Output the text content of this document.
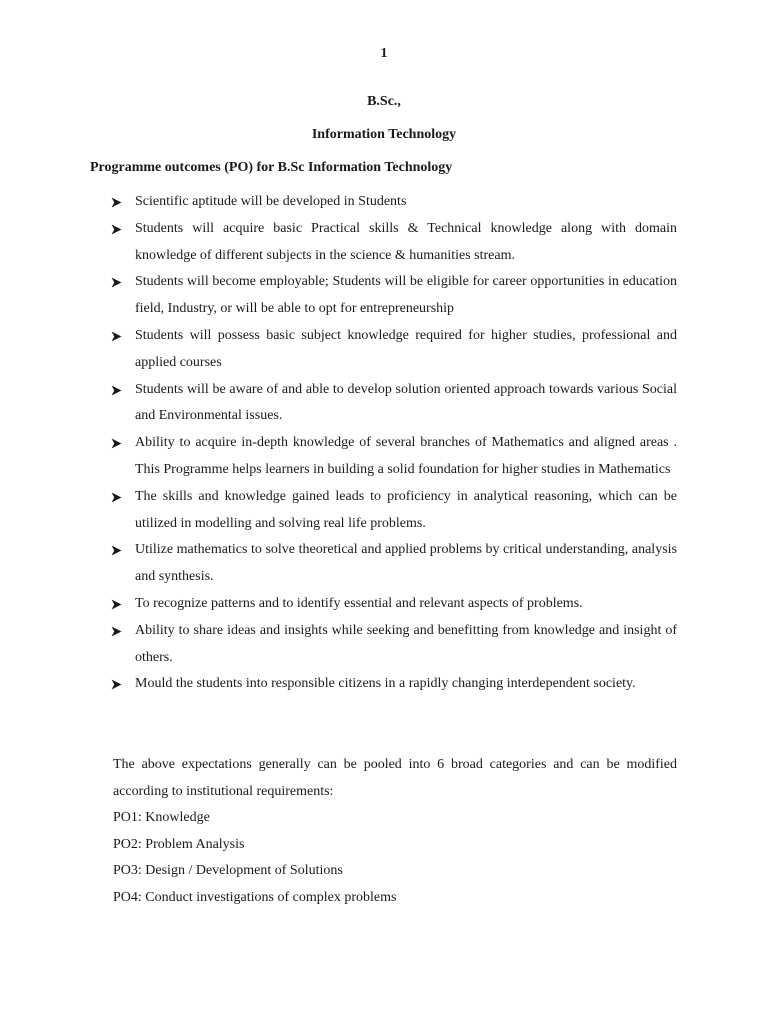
1
B.Sc.,
Information Technology
Programme outcomes (PO) for B.Sc Information Technology
Scientific aptitude will be developed in Students
Students will acquire basic Practical skills & Technical knowledge along with domain knowledge of different subjects in the science & humanities stream.
Students will become employable; Students will be eligible for career opportunities in education field, Industry, or will be able to opt for entrepreneurship
Students will possess basic subject knowledge required for higher studies, professional and applied courses
Students will be aware of and able to develop solution oriented approach towards various Social and Environmental issues.
Ability to acquire in-depth knowledge of several branches of Mathematics and aligned areas . This Programme helps learners in building a solid foundation for higher studies in Mathematics
The skills and knowledge gained leads to proficiency in analytical reasoning, which can be utilized in modelling and solving real life problems.
Utilize mathematics to solve theoretical and applied problems by critical understanding, analysis and synthesis.
To recognize patterns and to identify essential and relevant aspects of problems.
Ability to share ideas and insights while seeking and benefitting from knowledge and insight of others.
Mould the students into responsible citizens in a rapidly changing interdependent society.
The above expectations generally can be pooled into 6 broad categories and can be modified according to institutional requirements:
PO1: Knowledge
PO2: Problem Analysis
PO3: Design / Development of Solutions
PO4: Conduct investigations of complex problems
